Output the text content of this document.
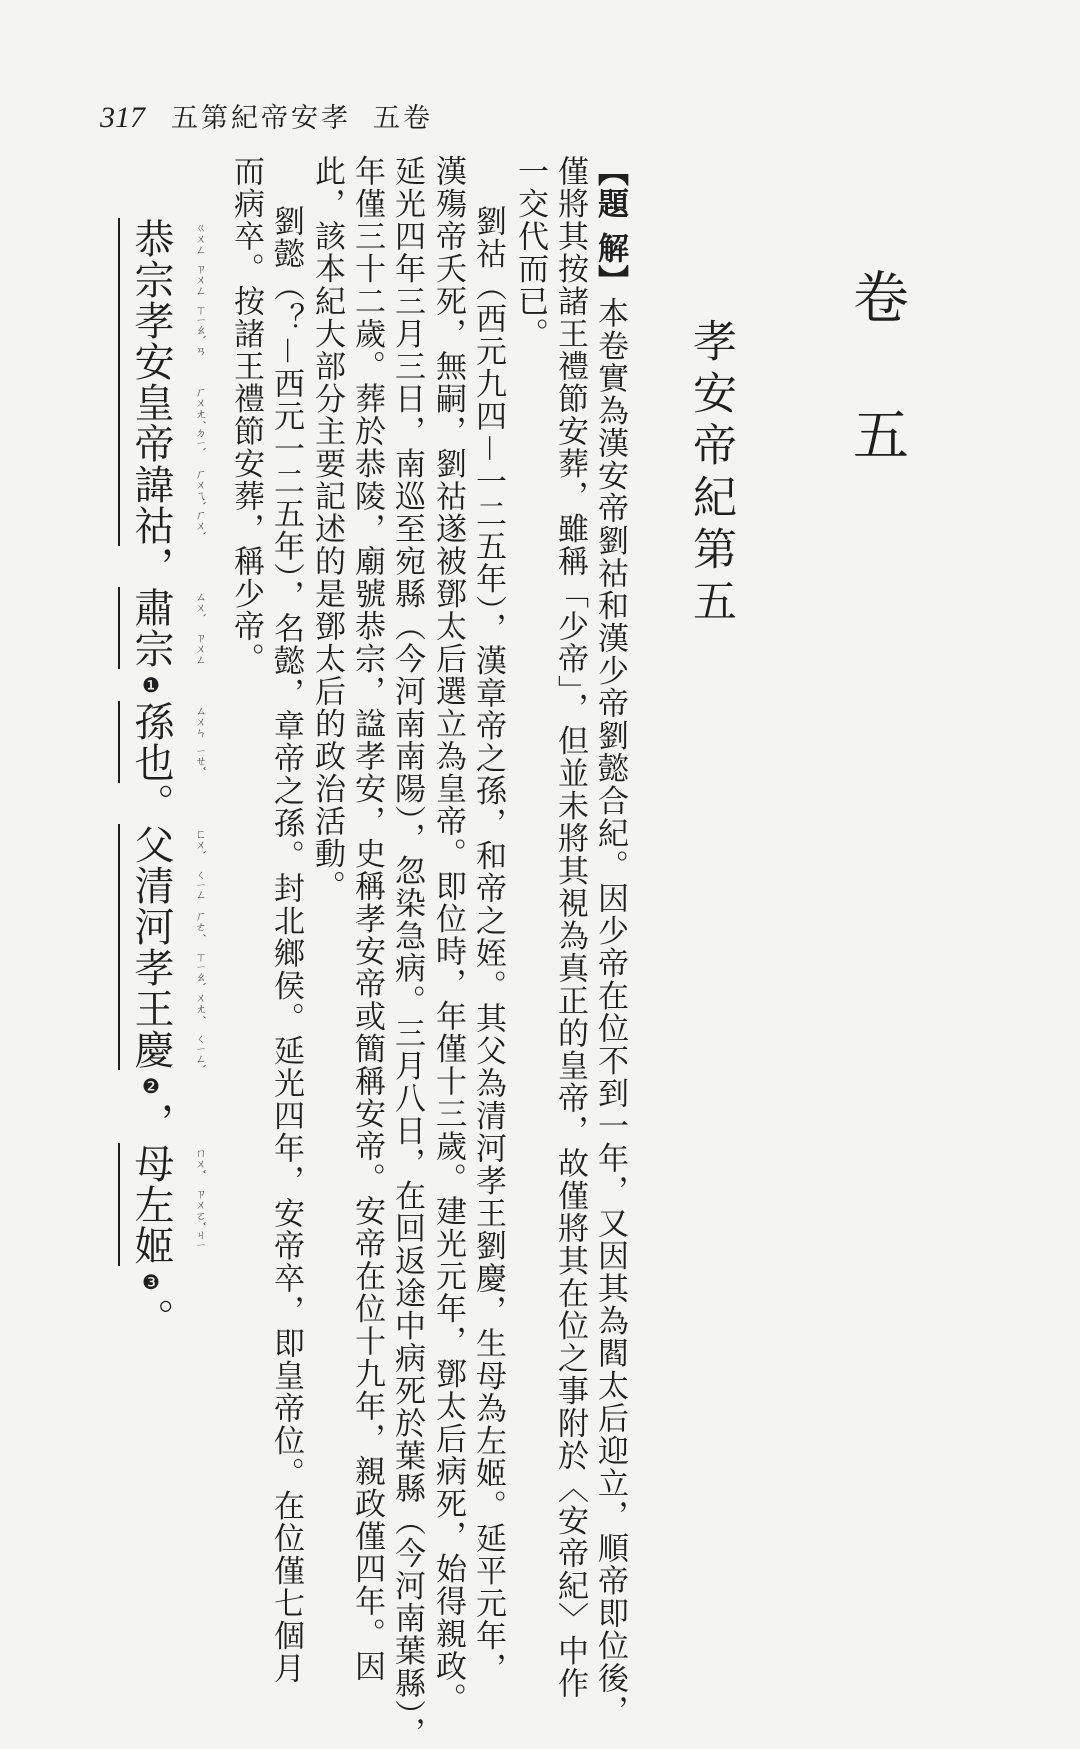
317 五第紀帝安孝 五卷
卷 五
孝安帝紀第五
【題 解】本卷實為漢安帝劉祜和漢少帝劉懿合紀。因少帝在位不到一年，又因其為閻太后迎立，順帝即位後，
僅將其按諸王禮節安葬，雖稱「少帝」，但並未將其視為真正的皇帝，故僅將其在位之事附於〈安帝紀〉中作
一交代而已。
劉祜（西元九四－一二五年），漢章帝之孫，和帝之姪。其父為清河孝王劉慶，生母為左姬。延平元年，
漢殤帝夭死，無嗣，劉祜遂被鄧太后選立為皇帝。即位時，年僅十三歲。建光元年，鄧太后病死，始得親政。
延光四年三月三日，南巡至宛縣（今河南南陽），忽染急病。三月八日，在回返途中病死於葉縣（今河南葉縣），
年僅三十二歲。葬於恭陵，廟號恭宗，諡孝安，史稱孝安帝或簡稱安帝。安帝在位十九年，親政僅四年。因
此，該本紀大部分主要記述的是鄧太后的政治活動。
劉懿（？－西元一二五年），名懿，章帝之孫。封北鄉侯。延光四年，安帝卒，即皇帝位。在位僅七個月
而病卒。按諸王禮節安葬，稱少帝。
恭 ㄍㄨㄥ
宗 ㄗㄨㄥ
孝 ㄒㄧㄠˋ
安 ㄢ
皇 ㄏㄨㄤˊ
帝 ㄉㄧˋ
諱 ㄏㄨㄟˋ
祜 ㄏㄨˋ
，肅 ㄙㄨˋ
宗 ㄗㄨㄥ
❶孫 ㄙㄨㄣ
也 ㄧㄝˇ
。父 ㄈㄨˋ
清 ㄑㄧㄥ
河 ㄏㄜˊ
孝 ㄒㄧㄠˋ
王 ㄨㄤˊ
慶 ㄑㄧㄥˋ
❷，母 ㄇㄨˇ
左 ㄗㄨㄛˇ
姬 ㄐㄧ
❸。
